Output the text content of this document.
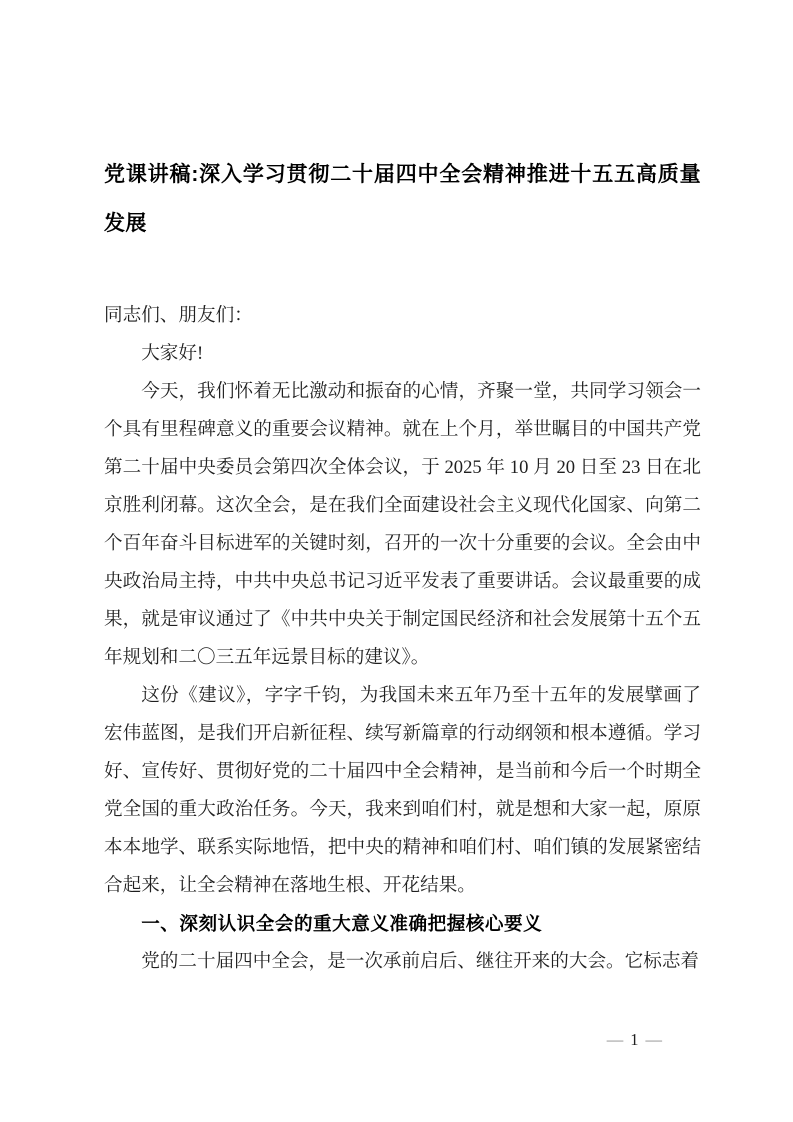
党课讲稿:深入学习贯彻二十届四中全会精神推进十五五高质量发展

同志们、朋友们：

大家好!

今天，我们怀着无比激动和振奋的心情，齐聚一堂，共同学习领会一个具有里程碑意义的重要会议精神。就在上个月，举世瞩目的中国共产党第二十届中央委员会第四次全体会议，于 2025 年 10 月 20 日至 23 日在北京胜利闭幕。这次全会，是在我们全面建设社会主义现代化国家、向第二个百年奋斗目标进军的关键时刻，召开的一次十分重要的会议。全会由中央政治局主持，中共中央总书记习近平发表了重要讲话。会议最重要的成果，就是审议通过了《中共中央关于制定国民经济和社会发展第十五个五年规划和二〇三五年远景目标的建议》。

这份《建议》，字字千钧，为我国未来五年乃至十五年的发展擘画了宏伟蓝图，是我们开启新征程、续写新篇章的行动纲领和根本遵循。学习好、宣传好、贯彻好党的二十届四中全会精神，是当前和今后一个时期全党全国的重大政治任务。今天，我来到咱们村，就是想和大家一起，原原本本地学、联系实际地悟，把中央的精神和咱们村、咱们镇的发展紧密结合起来，让全会精神在落地生根、开花结果。

一、深刻认识全会的重大意义准确把握核心要义

党的二十届四中全会，是一次承前启后、继往开来的大会。它标志着

— 1 —
